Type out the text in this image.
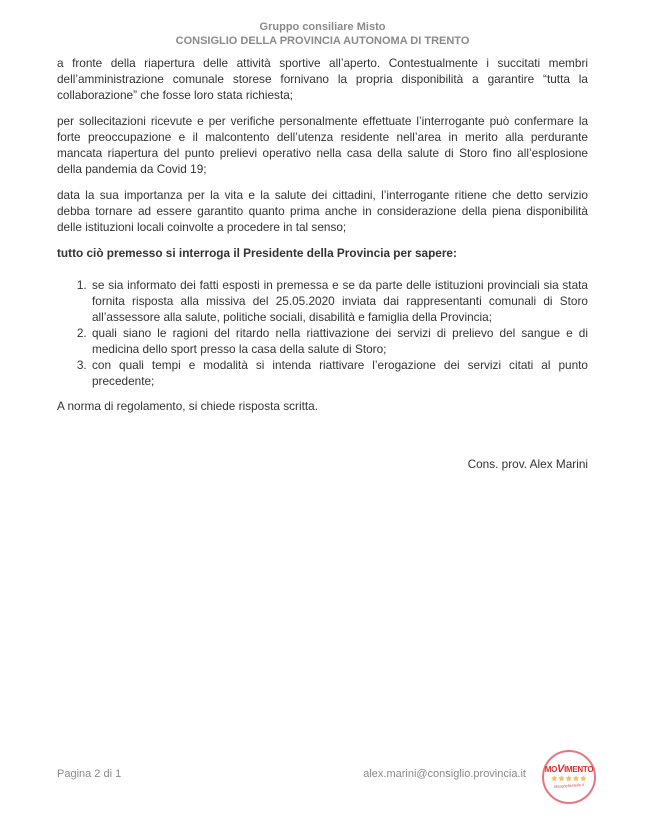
Gruppo consiliare Misto
CONSIGLIO DELLA PROVINCIA AUTONOMA DI TRENTO

a fronte della riapertura delle attività sportive all’aperto. Contestualmente i succitati membri dell’amministrazione comunale storese fornivano la propria disponibilità a garantire “tutta la collaborazione” che fosse loro stata richiesta;

per sollecitazioni ricevute e per verifiche personalmente effettuate l’interrogante può confermare la forte preoccupazione e il malcontento dell’utenza residente nell’area in merito alla perdurante mancata riapertura del punto prelievi operativo nella casa della salute di Storo fino all’esplosione della pandemia da Covid 19;

data la sua importanza per la vita e la salute dei cittadini, l’interrogante ritiene che detto servizio debba tornare ad essere garantito quanto prima anche in considerazione della piena disponibilità delle istituzioni locali coinvolte a procedere in tal senso;

tutto ciò premesso si interroga il Presidente della Provincia per sapere:

1. se sia informato dei fatti esposti in premessa e se da parte delle istituzioni provinciali sia stata fornita risposta alla missiva del 25.05.2020 inviata dai rappresentanti comunali di Storo all’assessore alla salute, politiche sociali, disabilità e famiglia della Provincia;
2. quali siano le ragioni del ritardo nella riattivazione dei servizi di prelievo del sangue e di medicina dello sport presso la casa della salute di Storo;
3. con quali tempi e modalità si intenda riattivare l’erogazione dei servizi citati al punto precedente;

A norma di regolamento, si chiede risposta scritta.

Cons. prov. Alex Marini

Pagina 2 di 1	alex.marini@consiglio.provincia.it MOVIMENTO
★★★★★
ilblogdellestelle.it
